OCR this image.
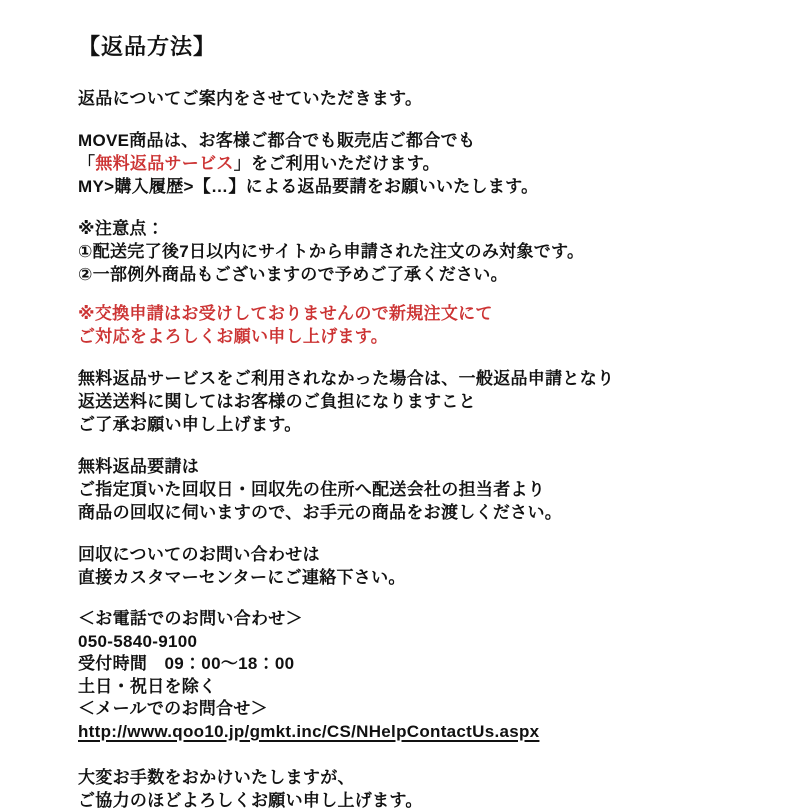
【返品方法】
返品についてご案内をさせていただきます。
MOVE商品は、お客様ご都合でも販売店ご都合でも
「無料返品サービス」をご利用いただけます。
MY>購入履歴>【…】による返品要請をお願いいたします。
※注意点：
①配送完了後7日以内にサイトから申請された注文のみ対象です。
②一部例外商品もございますので予めご了承ください。
※交換申請はお受けしておりませんので新規注文にて
ご対応をよろしくお願い申し上げます。
無料返品サービスをご利用されなかった場合は、一般返品申請となり
返送送料に関してはお客様のご負担になりますこと
ご了承お願い申し上げます。
無料返品要請は
ご指定頂いた回収日・回収先の住所へ配送会社の担当者より
商品の回収に伺いますので、お手元の商品をお渡しください。
回収についてのお問い合わせは
直接カスタマーセンターにご連絡下さい。
＜お電話でのお問い合わせ＞
050-5840-9100
受付時間　09：00～18：00
土日・祝日を除く
＜メールでのお問合せ＞
http://www.qoo10.jp/gmkt.inc/CS/NHelpContactUs.aspx
大変お手数をおかけいたしますが、
ご協力のほどよろしくお願い申し上げます。
